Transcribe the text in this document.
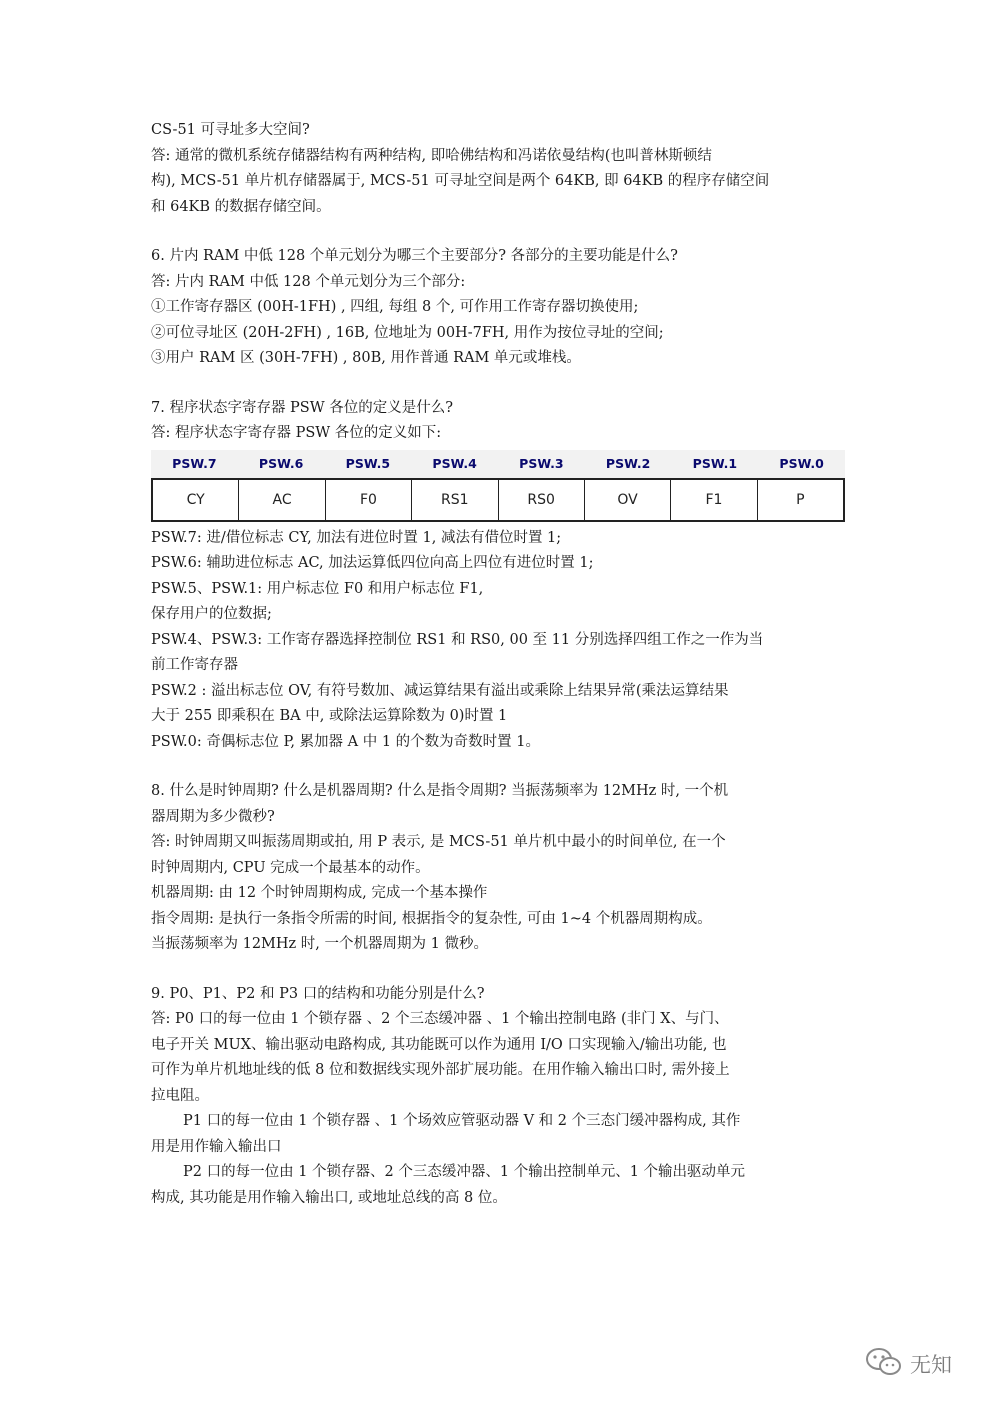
CS-51 可寻址多大空间?
答: 通常的微机系统存储器结构有两种结构, 即哈佛结构和冯诺依曼结构(也叫普林斯顿结
构), MCS-51 单片机存储器属于, MCS-51 可寻址空间是两个 64KB, 即 64KB 的程序存储空间
和 64KB 的数据存储空间。
6. 片内 RAM 中低 128 个单元划分为哪三个主要部分? 各部分的主要功能是什么?
答: 片内 RAM 中低 128 个单元划分为三个部分:
①工作寄存器区 (00H-1FH) , 四组, 每组 8 个, 可作用工作寄存器切换使用;
②可位寻址区 (20H-2FH) , 16B, 位地址为 00H-7FH, 用作为按位寻址的空间;
③用户 RAM 区 (30H-7FH) , 80B, 用作普通 RAM 单元或堆栈。
7. 程序状态字寄存器 PSW 各位的定义是什么?
答: 程序状态字寄存器 PSW 各位的定义如下:
PSW.7	PSW.6	PSW.5	PSW.4	PSW.3	PSW.2	PSW.1	PSW.0
CY	AC	F0	RS1	RS0	OV	F1	P
PSW.7: 进/借位标志 CY, 加法有进位时置 1, 减法有借位时置 1;
PSW.6: 辅助进位标志 AC, 加法运算低四位向高上四位有进位时置 1;
PSW.5、PSW.1: 用户标志位 F0 和用户标志位 F1,
保存用户的位数据;
PSW.4、PSW.3: 工作寄存器选择控制位 RS1 和 RS0, 00 至 11 分别选择四组工作之一作为当
前工作寄存器
PSW.2 : 溢出标志位 OV, 有符号数加、减运算结果有溢出或乘除上结果异常(乘法运算结果
大于 255 即乘积在 BA 中, 或除法运算除数为 0)时置 1
PSW.0: 奇偶标志位 P, 累加器 A 中 1 的个数为奇数时置 1。
8. 什么是时钟周期? 什么是机器周期? 什么是指令周期? 当振荡频率为 12MHz 时, 一个机
器周期为多少微秒?
答: 时钟周期又叫振荡周期或拍, 用 P 表示, 是 MCS-51 单片机中最小的时间单位, 在一个
时钟周期内, CPU 完成一个最基本的动作。
机器周期: 由 12 个时钟周期构成, 完成一个基本操作
指令周期: 是执行一条指令所需的时间, 根据指令的复杂性, 可由 1~4 个机器周期构成。
当振荡频率为 12MHz 时, 一个机器周期为 1 微秒。
9. P0、P1、P2 和 P3 口的结构和功能分别是什么?
答: P0 口的每一位由 1 个锁存器 、2 个三态缓冲器 、1 个输出控制电路 (非门 X、与门、
电子开关 MUX、输出驱动电路构成, 其功能既可以作为通用 I/O 口实现输入/输出功能, 也
可作为单片机地址线的低 8 位和数据线实现外部扩展功能。在用作输入输出口时, 需外接上
拉电阻。
P1 口的每一位由 1 个锁存器 、1 个场效应管驱动器 V 和 2 个三态门缓冲器构成, 其作
用是用作输入输出口
P2 口的每一位由 1 个锁存器、2 个三态缓冲器、1 个输出控制单元、1 个输出驱动单元
构成, 其功能是用作输入输出口, 或地址总线的高 8 位。
无知
